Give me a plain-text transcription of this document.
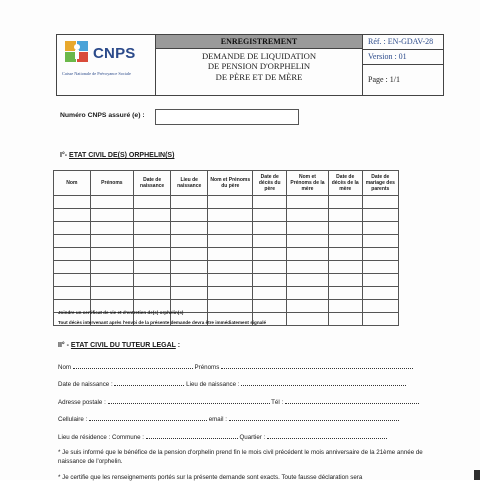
CNPS
Caisse Nationale de Prévoyance Sociale
ENREGISTREMENT
DEMANDE DE LIQUIDATION
DE PENSION D'ORPHELIN
DE PÈRE ET DE MÈRE
Réf. : EN-GDAV-28
Version : 01
Page : 1/1
Numéro CNPS assuré (e) :
I°- ETAT CIVIL DE(S) ORPHELIN(S)
Nom	Prénoms	Date de naissance	Lieu de naissance	Nom et Prénoms du père	Date de décès du père	Nom et Prénoms de la mère	Date de décès de la mère	Date de mariage des parents

Joindre un certificat de vie et d'entretien de(s) orphelin(s)
Tout décès intervenant après l'envoi de la présente demande devra être immédiatement signalé
II° - ETAT CIVIL DU TUTEUR LEGAL :
Nom	Prénoms
Date de naissance :	Lieu de naissance :
Adresse postale :	Tél :
Cellulaire :	email :
Lieu de résidence : Commune :	Quartier :
* Je suis informé que le bénéfice de la pension d'orphelin prend fin le mois civil précédent le mois anniversaire de la 21ème année de naissance de l'orphelin.
* Je certifie que les renseignements portés sur la présente demande sont exacts. Toute fausse déclaration sera
